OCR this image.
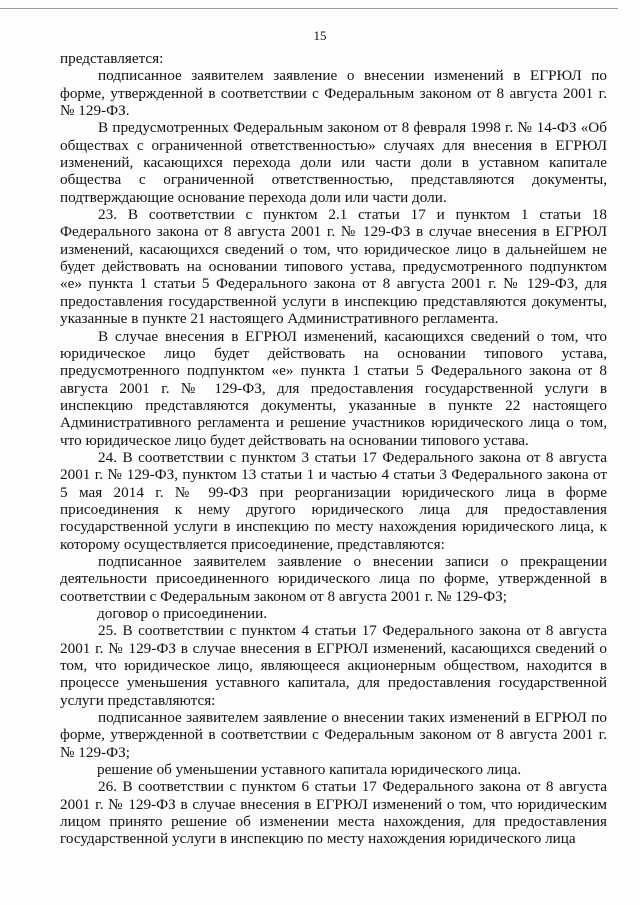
15

представляется:

подписанное заявителем заявление о внесении изменений в ЕГРЮЛ по форме, утвержденной в соответствии с Федеральным законом от 8 августа 2001 г. № 129-ФЗ.

В предусмотренных Федеральным законом от 8 февраля 1998 г. № 14-ФЗ «Об обществах с ограниченной ответственностью» случаях для внесения в ЕГРЮЛ изменений, касающихся перехода доли или части доли в уставном капитале общества с ограниченной ответственностью, представляются документы, подтверждающие основание перехода доли или части доли.

23. В соответствии с пунктом 2.1 статьи 17 и пунктом 1 статьи 18 Федерального закона от 8 августа 2001 г. № 129-ФЗ в случае внесения в ЕГРЮЛ изменений, касающихся сведений о том, что юридическое лицо в дальнейшем не будет действовать на основании типового устава, предусмотренного подпунктом «е» пункта 1 статьи 5 Федерального закона от 8 августа 2001 г. № 129-ФЗ, для предоставления государственной услуги в инспекцию представляются документы, указанные в пункте 21 настоящего Административного регламента.

В случае внесения в ЕГРЮЛ изменений, касающихся сведений о том, что юридическое лицо будет действовать на основании типового устава, предусмотренного подпунктом «е» пункта 1 статьи 5 Федерального закона от 8 августа 2001 г. № 129-ФЗ, для предоставления государственной услуги в инспекцию представляются документы, указанные в пункте 22 настоящего Административного регламента и решение участников юридического лица о том, что юридическое лицо будет действовать на основании типового устава.

24. В соответствии с пунктом 3 статьи 17 Федерального закона от 8 августа 2001 г. № 129-ФЗ, пунктом 13 статьи 1 и частью 4 статьи 3 Федерального закона от 5 мая 2014 г. № 99-ФЗ при реорганизации юридического лица в форме присоединения к нему другого юридического лица для предоставления государственной услуги в инспекцию по месту нахождения юридического лица, к которому осуществляется присоединение, представляются:

подписанное заявителем заявление о внесении записи о прекращении деятельности присоединенного юридического лица по форме, утвержденной в соответствии с Федеральным законом от 8 августа 2001 г. № 129-ФЗ;

договор о присоединении.

25. В соответствии с пунктом 4 статьи 17 Федерального закона от 8 августа 2001 г. № 129-ФЗ в случае внесения в ЕГРЮЛ изменений, касающихся сведений о том, что юридическое лицо, являющееся акционерным обществом, находится в процессе уменьшения уставного капитала, для предоставления государственной услуги представляются:

подписанное заявителем заявление о внесении таких изменений в ЕГРЮЛ по форме, утвержденной в соответствии с Федеральным законом от 8 августа 2001 г. № 129-ФЗ;

решение об уменьшении уставного капитала юридического лица.

26. В соответствии с пунктом 6 статьи 17 Федерального закона от 8 августа 2001 г. № 129-ФЗ в случае внесения в ЕГРЮЛ изменений о том, что юридическим лицом принято решение об изменении места нахождения, для предоставления государственной услуги в инспекцию по месту нахождения юридического лица
